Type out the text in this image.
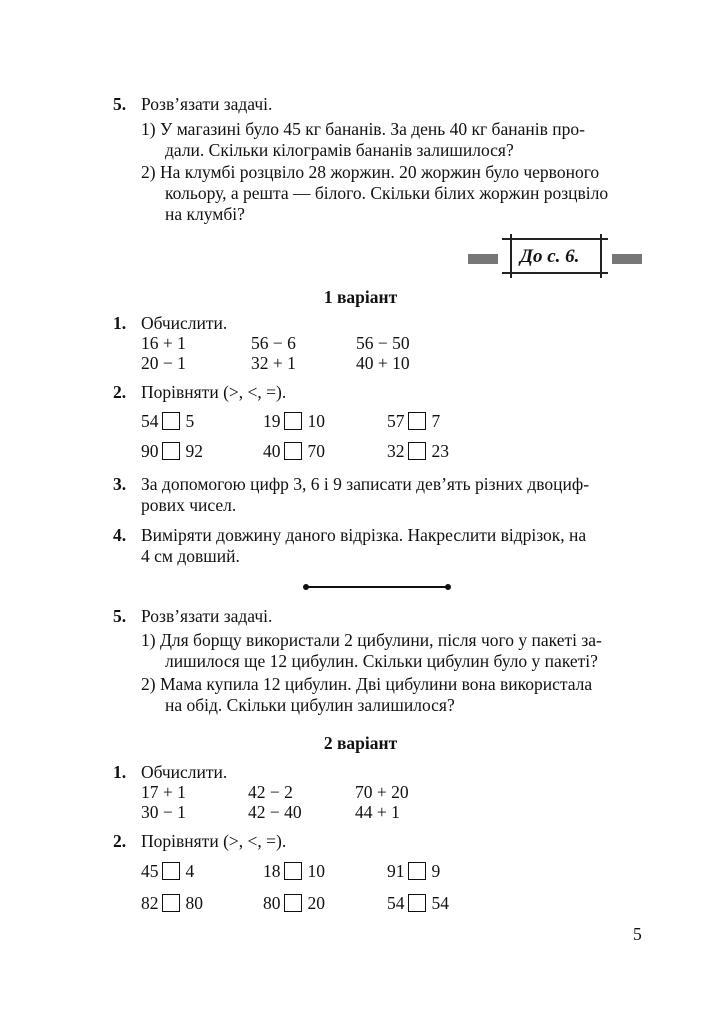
5. Розв’язати задачі.
1) У магазині було 45 кг бананів. За день 40 кг бананів про-
дали. Скільки кілограмів бананів залишилося?
2) На клумбі розцвіло 28 жоржин. 20 жоржин було червоного
кольору, а решта — білого. Скільки білих жоржин розцвіло
на клумбі?
До с. 6.
1 варіант
1. Обчислити.
16 + 1	56 − 6	56 − 50
20 − 1	32 + 1	40 + 10
2. Порівняти (>, <, =).
54 5	19 10	57 7
90 92	40 70	32 23
3. За допомогою цифр 3, 6 і 9 записати дев’ять різних двоциф-
рових чисел.
4. Виміряти довжину даного відрізка. Накреслити відрізок, на
4 см довший.
5. Розв’язати задачі.
1) Для борщу використали 2 цибулини, після чого у пакеті за-
лишилося ще 12 цибулин. Скільки цибулин було у пакеті?
2) Мама купила 12 цибулин. Дві цибулини вона використала
на обід. Скільки цибулин залишилося?
2 варіант
1. Обчислити.
17 + 1	42 − 2	70 + 20
30 − 1	42 − 40	44 + 1
2. Порівняти (>, <, =).
45 4	18 10	91 9
82 80	80 20	54 54
5
